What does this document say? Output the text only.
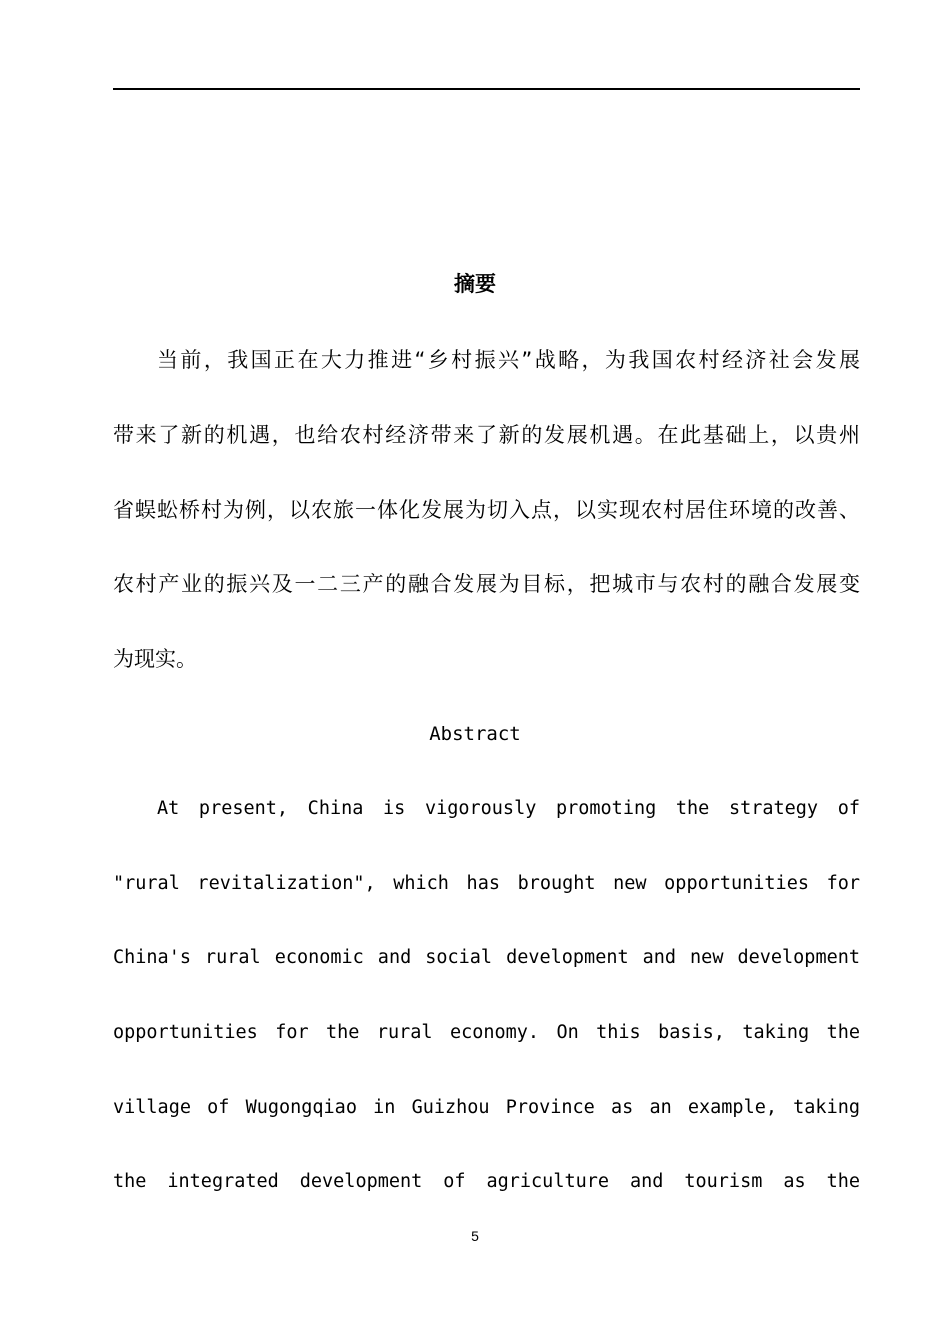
摘要
当前，我国正在大力推进“乡村振兴”战略，为我国农村经济社会发展
带来了新的机遇，也给农村经济带来了新的发展机遇。在此基础上，以贵州
省蜈蚣桥村为例，以农旅一体化发展为切入点，以实现农村居住环境的改善、
农村产业的振兴及一二三产的融合发展为目标，把城市与农村的融合发展变
为现实。
Abstract
At present, China is vigorously promoting the strategy of
"rural revitalization", which has brought new opportunities for
China's rural economic and social development and new development
opportunities for the rural economy. On this basis, taking the
village of Wugongqiao in Guizhou Province as an example, taking
the integrated development of agriculture and tourism as the
5
